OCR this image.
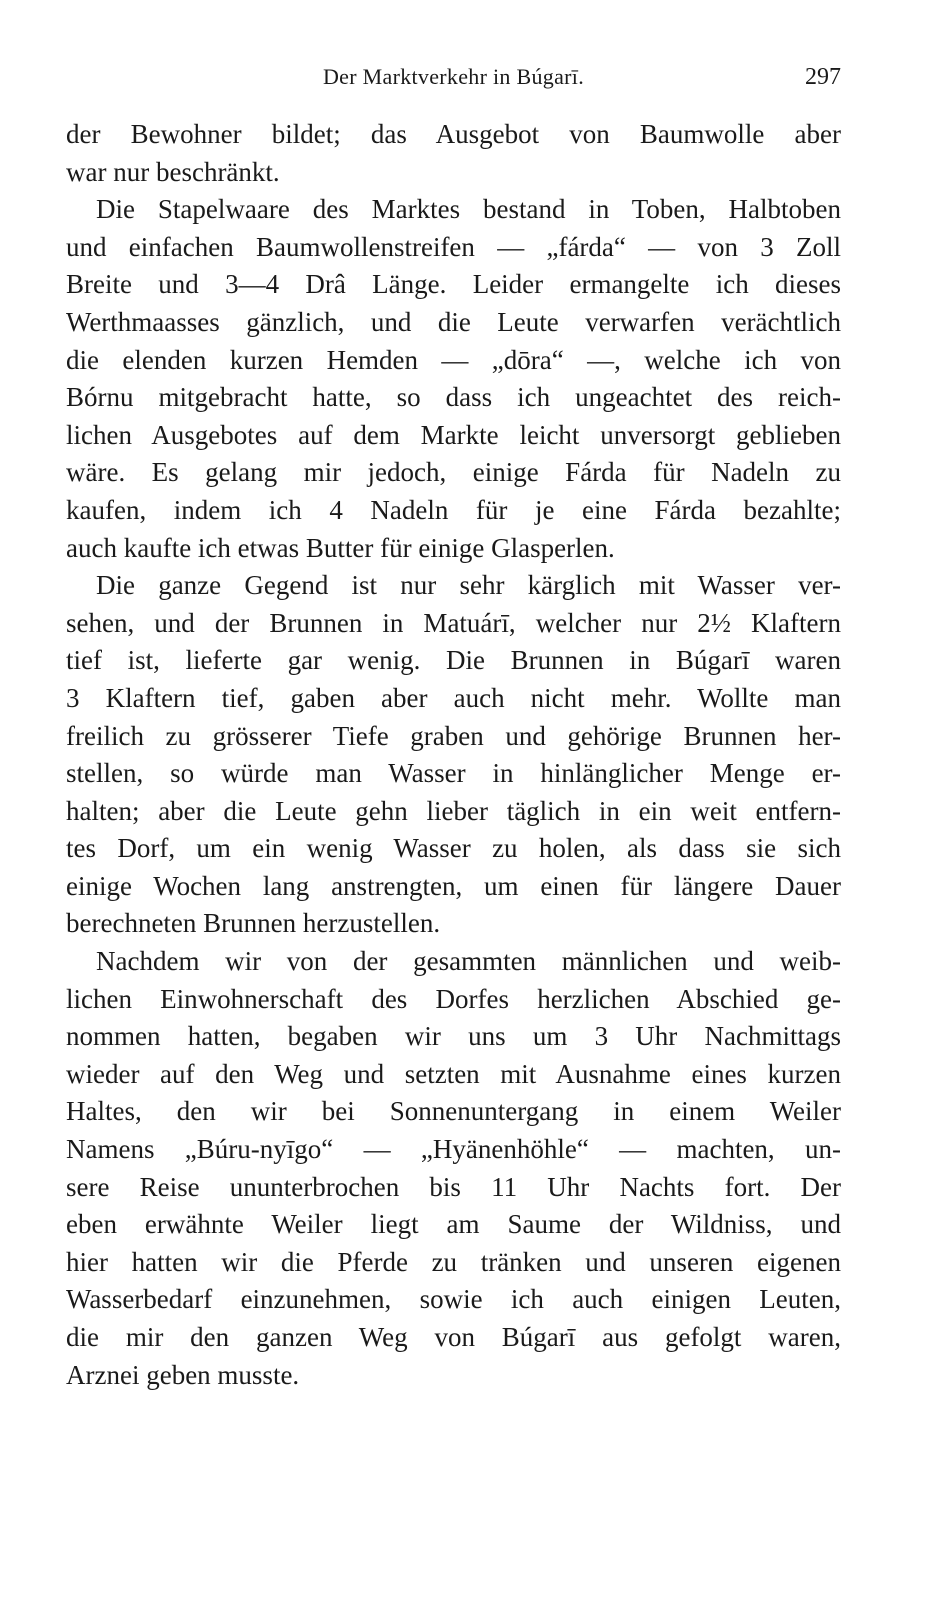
Der Marktverkehr in Búgarī.	297
der Bewohner bildet; das Ausgebot von Baumwolle aber
war nur beschränkt.
Die Stapelwaare des Marktes bestand in Toben, Halbtoben
und einfachen Baumwollenstreifen — „fárda“ — von 3 Zoll
Breite und 3—4 Drâ Länge. Leider ermangelte ich dieses
Werthmaasses gänzlich, und die Leute verwarfen verächtlich
die elenden kurzen Hemden — „dōra“ —, welche ich von
Bórnu mitgebracht hatte, so dass ich ungeachtet des reich-
lichen Ausgebotes auf dem Markte leicht unversorgt geblieben
wäre. Es gelang mir jedoch, einige Fárda für Nadeln zu
kaufen, indem ich 4 Nadeln für je eine Fárda bezahlte;
auch kaufte ich etwas Butter für einige Glasperlen.
Die ganze Gegend ist nur sehr kärglich mit Wasser ver-
sehen, und der Brunnen in Matuárī, welcher nur 2½ Klaftern
tief ist, lieferte gar wenig. Die Brunnen in Búgarī waren
3 Klaftern tief, gaben aber auch nicht mehr. Wollte man
freilich zu grösserer Tiefe graben und gehörige Brunnen her-
stellen, so würde man Wasser in hinlänglicher Menge er-
halten; aber die Leute gehn lieber täglich in ein weit entfern-
tes Dorf, um ein wenig Wasser zu holen, als dass sie sich
einige Wochen lang anstrengten, um einen für längere Dauer
berechneten Brunnen herzustellen.
Nachdem wir von der gesammten männlichen und weib-
lichen Einwohnerschaft des Dorfes herzlichen Abschied ge-
nommen hatten, begaben wir uns um 3 Uhr Nachmittags
wieder auf den Weg und setzten mit Ausnahme eines kurzen
Haltes, den wir bei Sonnenuntergang in einem Weiler
Namens „Búru-nyīgo“ — „Hyänenhöhle“ — machten, un-
sere Reise ununterbrochen bis 11 Uhr Nachts fort. Der
eben erwähnte Weiler liegt am Saume der Wildniss, und
hier hatten wir die Pferde zu tränken und unseren eigenen
Wasserbedarf einzunehmen, sowie ich auch einigen Leuten,
die mir den ganzen Weg von Búgarī aus gefolgt waren,
Arznei geben musste.
